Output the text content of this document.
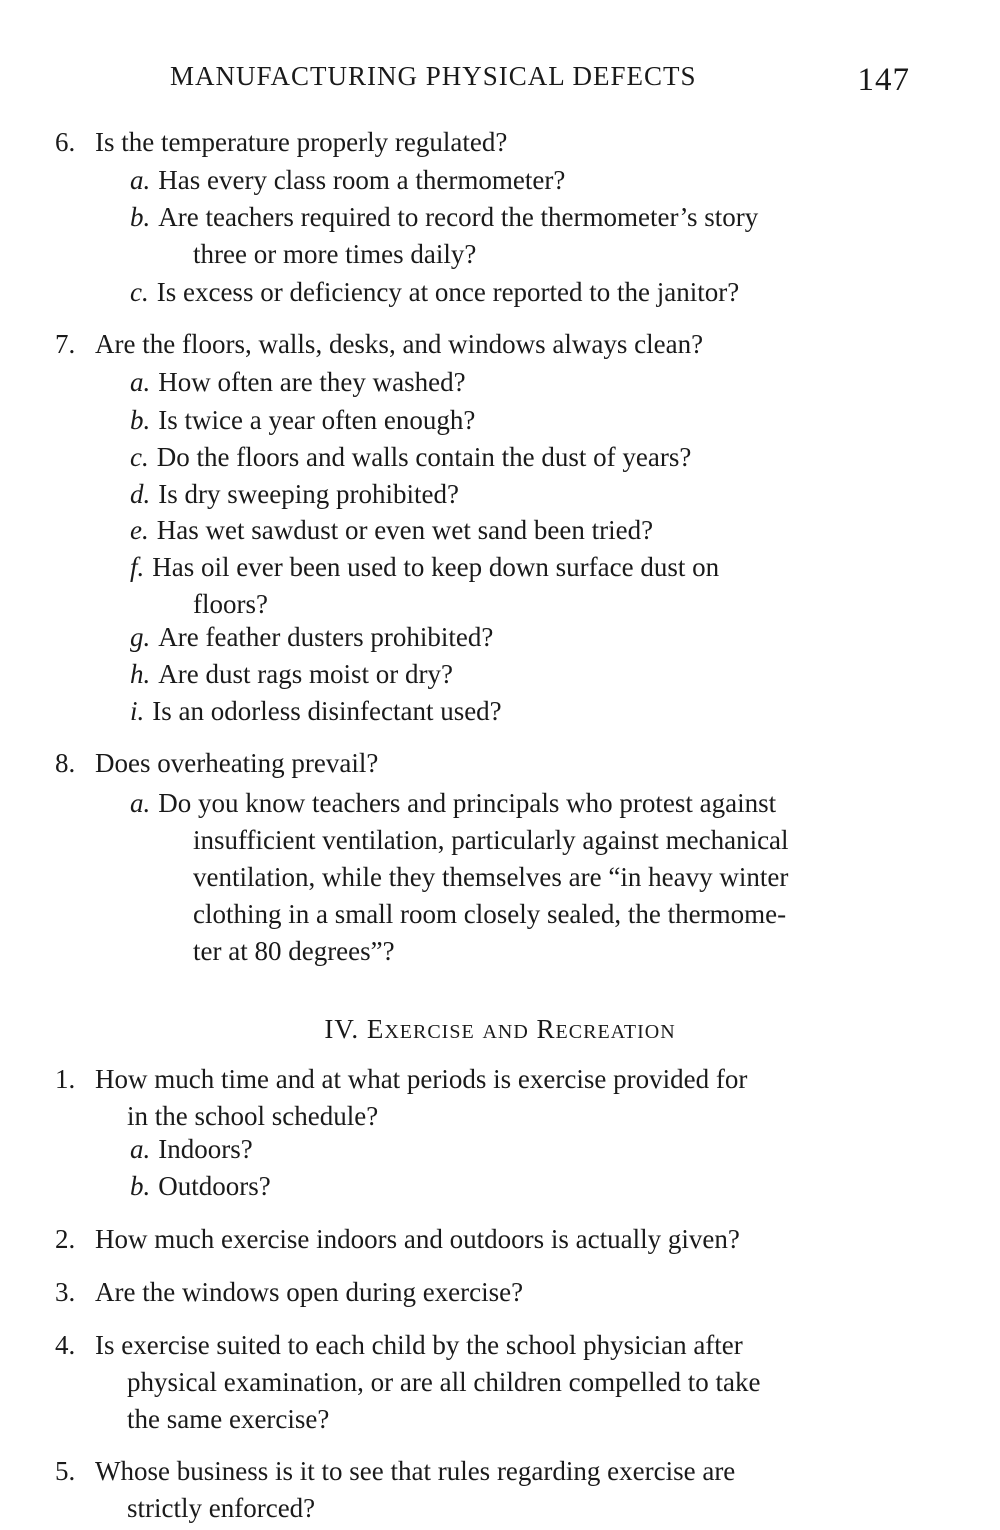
MANUFACTURING PHYSICAL DEFECTS	147
6. Is the temperature properly regulated?
a. Has every class room a thermometer?
b. Are teachers required to record the thermometer’s story
three or more times daily?
c. Is excess or deficiency at once reported to the janitor?
7. Are the floors, walls, desks, and windows always clean?
a. How often are they washed?
b. Is twice a year often enough?
c. Do the floors and walls contain the dust of years?
d. Is dry sweeping prohibited?
e. Has wet sawdust or even wet sand been tried?
f. Has oil ever been used to keep down surface dust on
floors?
g. Are feather dusters prohibited?
h. Are dust rags moist or dry?
i. Is an odorless disinfectant used?
8. Does overheating prevail?
a. Do you know teachers and principals who protest against
insufficient ventilation, particularly against mechanical
ventilation, while they themselves are “in heavy winter
clothing in a small room closely sealed, the thermome-
ter at 80 degrees”?
IV. EXERCISE AND RECREATION
1. How much time and at what periods is exercise provided for
in the school schedule?
a. Indoors?
b. Outdoors?
2. How much exercise indoors and outdoors is actually given?
3. Are the windows open during exercise?
4. Is exercise suited to each child by the school physician after
physical examination, or are all children compelled to take
the same exercise?
5. Whose business is it to see that rules regarding exercise are
strictly enforced?
